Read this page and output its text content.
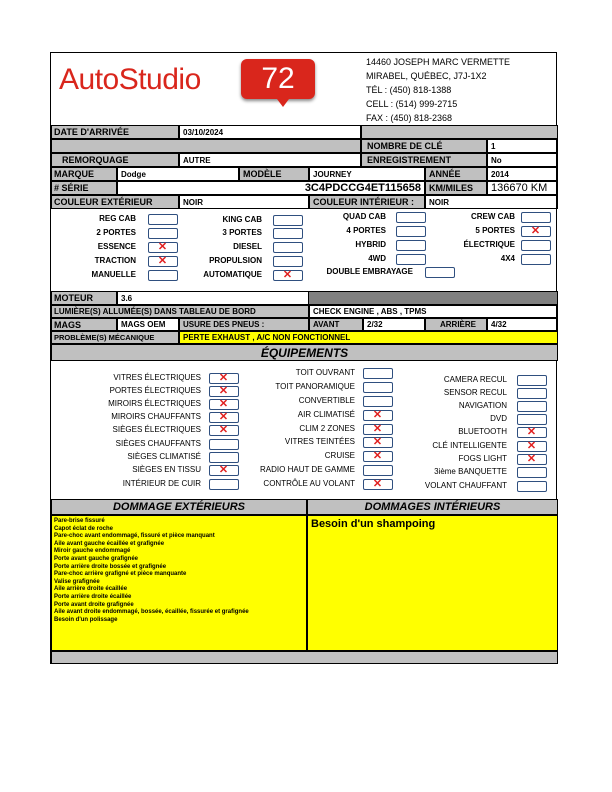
AutoStudio	72	14460 JOSEPH MARC VERMETTE
MIRABEL, QUÉBEC, J7J-1X2
TÉL : (450) 818-1388
CELL : (514) 999-2715
FAX : (450) 818-2368
DATE D'ARRIVÉE	03/10/2024
NOMBRE DE CLÉ	1
REMORQUAGE	AUTRE	ENREGISTREMENT	No
MARQUE	Dodge	MODÈLE	JOURNEY	ANNÉE	2014
# SÉRIE	3C4PDCCG4ET115658 KM/MILES 136670 KM
COULEUR EXTÉRIEUR	NOIR	COULEUR INTÉRIEUR : NOIR
REG CAB	KING CAB	QUAD CAB	CREW CAB
2 PORTES	3 PORTES	4 PORTES	5 PORTES	✕
ESSENCE	✕	DIESEL	HYBRID	ÉLECTRIQUE
TRACTION	✕	PROPULSION	4WD	4X4
MANUELLE	AUTOMATIQUE	✕	DOUBLE EMBRAYAGE
MOTEUR	3.6
LUMIÈRE(S) ALLUMÉE(S) DANS TABLEAU DE BORD	CHECK ENGINE , ABS , TPMS
MAGS	MAGS OEM USURE DES PNEUS :	AVANT	2/32	ARRIÈRE 4/32
PROBLÈME(S) MÉCANIQUE	PERTE EXHAUST , A/C NON FONCTIONNEL
ÉQUIPEMENTS
VITRES ÉLECTRIQUES	✕
PORTES ÉLECTRIQUES	✕
MIROIRS ÉLECTRIQUES	✕
MIROIRS CHAUFFANTS	✕
SIÈGES ÉLECTRIQUES	✕
SIÈGES CHAUFFANTS
SIÈGES CLIMATISÉ
SIÈGES EN TISSU	✕
INTÉRIEUR DE CUIR
TOIT OUVRANT
TOIT PANORAMIQUE
CONVERTIBLE
AIR CLIMATISÉ	✕
CLIM 2 ZONES	✕
VITRES TEINTÉES	✕
CRUISE	✕
RADIO HAUT DE GAMME
CONTRÔLE AU VOLANT	✕
CAMERA RECUL
SENSOR RECUL
NAVIGATION
DVD
BLUETOOTH	✕
CLÉ INTELLIGENTE	✕
FOGS LIGHT	✕
3ième BANQUETTE
VOLANT CHAUFFANT
DOMMAGE EXTÉRIEURS	DOMMAGES INTÉRIEURS
Pare-brise fissuré
Capot éclat de roche
Pare-choc avant endommagé, fissuré et pièce manquant
Aile avant gauche écaillée et grafignée
Miroir gauche endommagé
Porte avant gauche grafignée
Porte arrière droite bossée et grafignée
Pare-choc arrière grafigné et pièce manquante
Valise grafignée
Aile arrière droite écaillée
Porte arrière droite écaillée
Porte avant droite grafignée
Aile avant droite endommagé, bossée, écaillée, fissurée et grafignée
Besoin d'un polissage
Besoin d'un shampoing
